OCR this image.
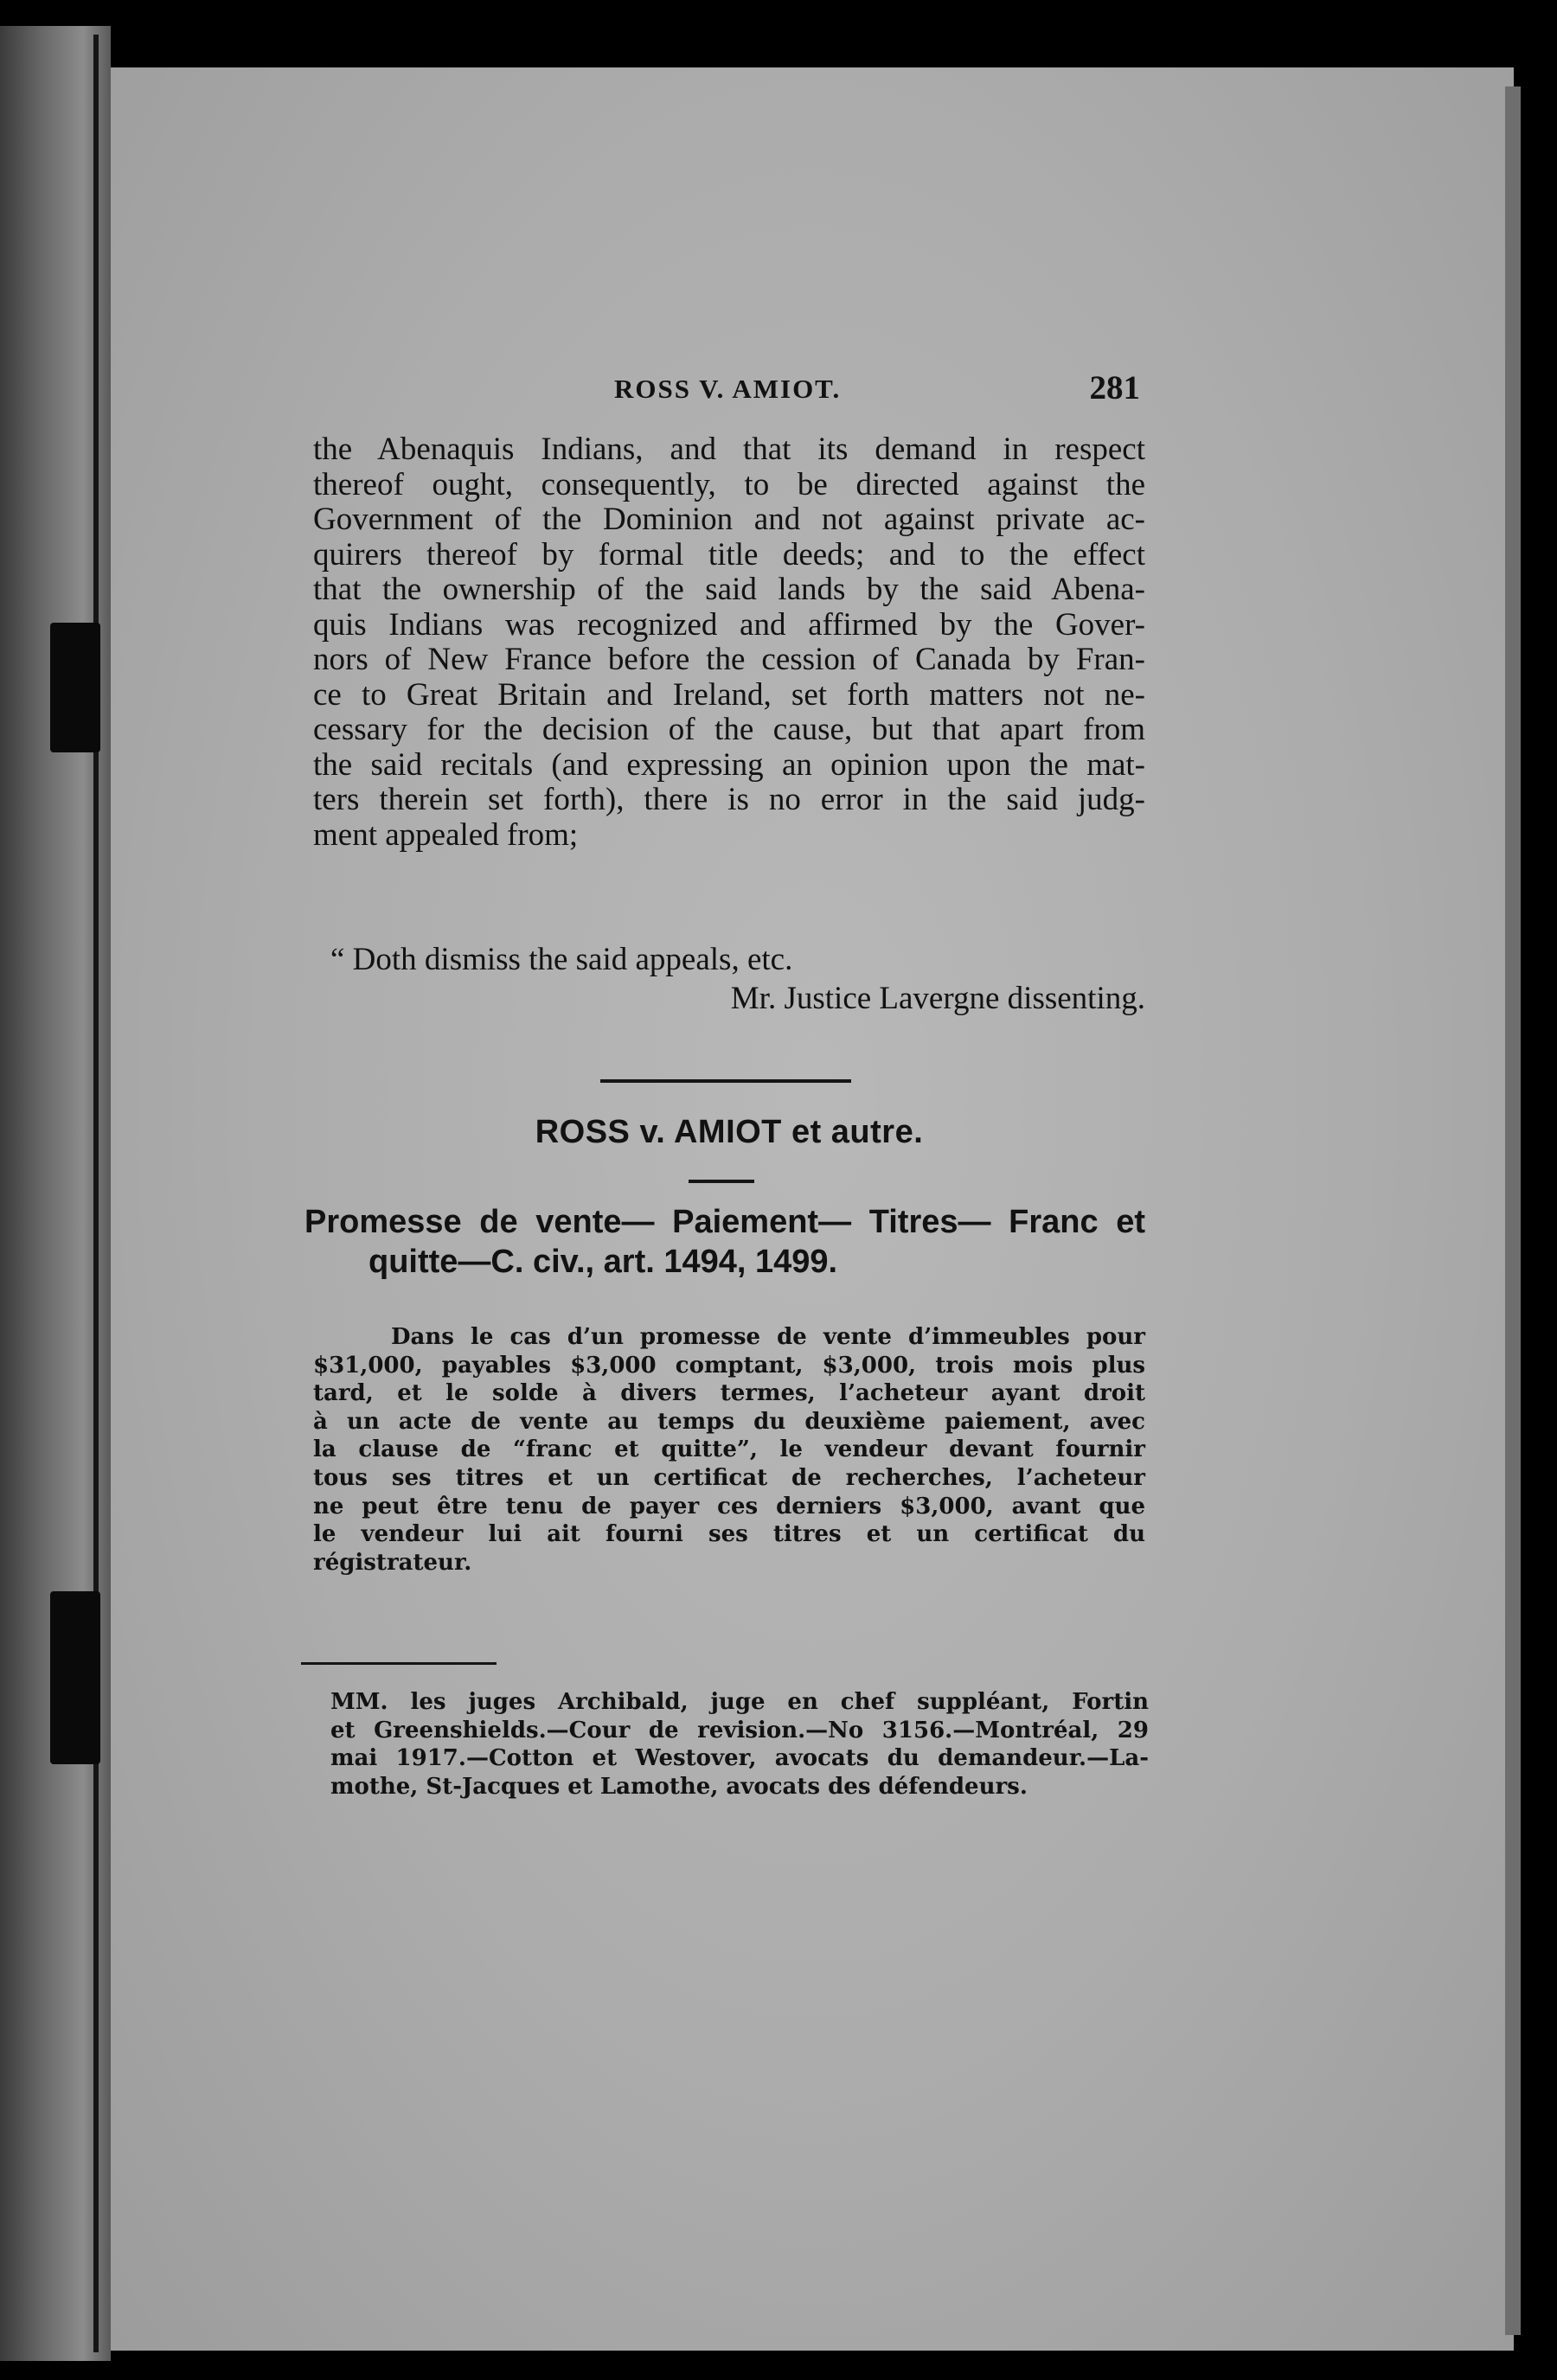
ROSS V. AMIOT.	281
the Abenaquis Indians, and that its demand in respect
thereof ought, consequently, to be directed against the
Government of the Dominion and not against private ac-
quirers thereof by formal title deeds; and to the effect
that the ownership of the said lands by the said Abena-
quis Indians was recognized and affirmed by the Gover-
nors of New France before the cession of Canada by Fran-
ce to Great Britain and Ireland, set forth matters not ne-
cessary for the decision of the cause, but that apart from
the said recitals (and expressing an opinion upon the mat-
ters therein set forth), there is no error in the said judg-
ment appealed from;
“ Doth dismiss the said appeals, etc.
Mr. Justice Lavergne dissenting.
ROSS v. AMIOT et autre.
Promesse de vente— Paiement— Titres— Franc et
quitte—C. civ., art. 1494, 1499.
Dans le cas d’un promesse de vente d’immeubles pour
$31,000, payables $3,000 comptant, $3,000, trois mois plus
tard, et le solde à divers termes, l’acheteur ayant droit
à un acte de vente au temps du deuxième paiement, avec
la clause de “franc et quitte”, le vendeur devant fournir
tous ses titres et un certificat de recherches, l’acheteur
ne peut être tenu de payer ces derniers $3,000, avant que
le vendeur lui ait fourni ses titres et un certificat du
régistrateur.
MM. les juges Archibald, juge en chef suppléant, Fortin
et Greenshields.—Cour de revision.—No 3156.—Montréal, 29
mai 1917.—Cotton et Westover, avocats du demandeur.—La-
mothe, St-Jacques et Lamothe, avocats des défendeurs.
